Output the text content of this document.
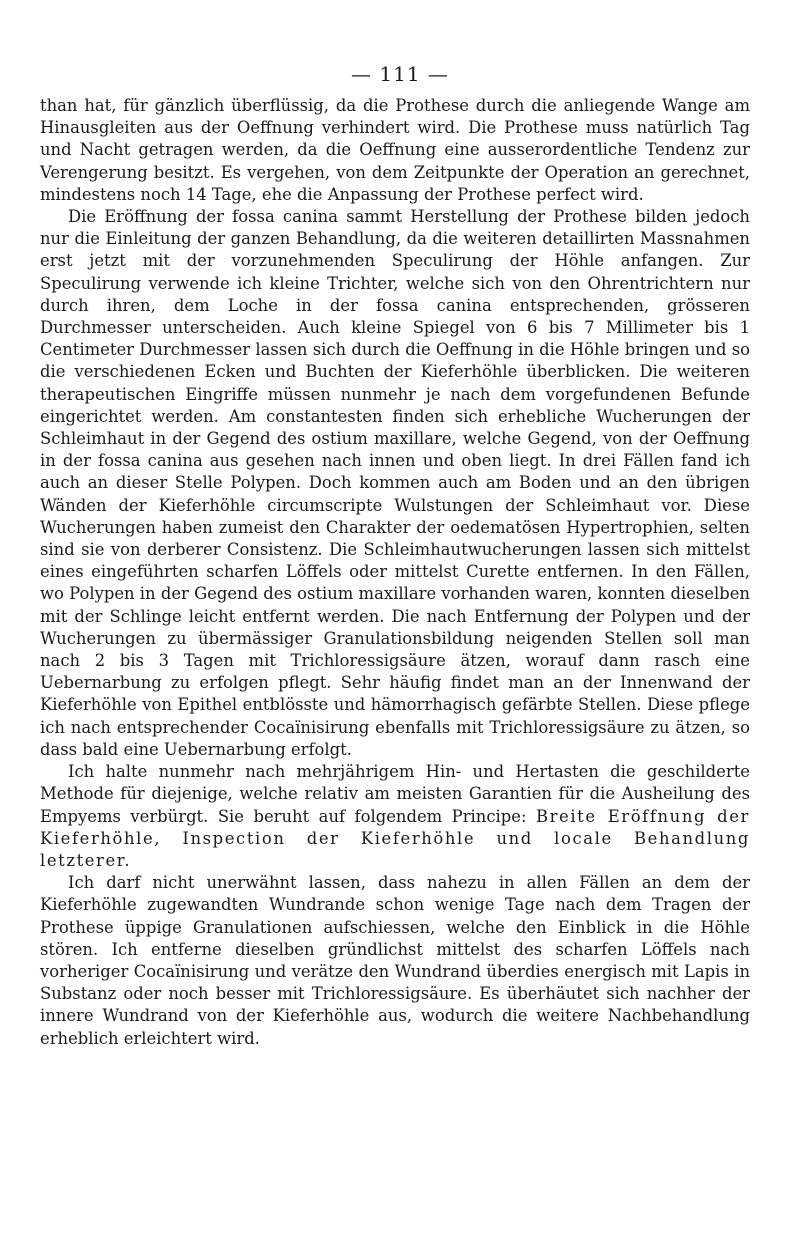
— 111 —

than hat, für gänzlich überflüssig, da die Prothese durch die anliegende Wange am Hinausgleiten aus der Oeffnung verhindert wird. Die Prothese muss natürlich Tag und Nacht getragen werden, da die Oeffnung eine ausserordentliche Tendenz zur Verengerung besitzt. Es vergehen, von dem Zeitpunkte der Operation an gerechnet, mindestens noch 14 Tage, ehe die Anpassung der Prothese perfect wird.

Die Eröffnung der fossa canina sammt Herstellung der Prothese bilden jedoch nur die Einleitung der ganzen Behandlung, da die weiteren detaillirten Massnahmen erst jetzt mit der vorzunehmenden Speculirung der Höhle anfangen. Zur Speculirung verwende ich kleine Trichter, welche sich von den Ohrentrichtern nur durch ihren, dem Loche in der fossa canina entsprechenden, grösseren Durchmesser unterscheiden. Auch kleine Spiegel von 6 bis 7 Millimeter bis 1 Centimeter Durchmesser lassen sich durch die Oeffnung in die Höhle bringen und so die verschiedenen Ecken und Buchten der Kieferhöhle überblicken. Die weiteren therapeutischen Eingriffe müssen nunmehr je nach dem vorgefundenen Befunde eingerichtet werden. Am constantesten finden sich erhebliche Wucherungen der Schleimhaut in der Gegend des ostium maxillare, welche Gegend, von der Oeffnung in der fossa canina aus gesehen nach innen und oben liegt. In drei Fällen fand ich auch an dieser Stelle Polypen. Doch kommen auch am Boden und an den übrigen Wänden der Kieferhöhle circumscripte Wulstungen der Schleimhaut vor. Diese Wucherungen haben zumeist den Charakter der oedematösen Hypertrophien, selten sind sie von derberer Consistenz. Die Schleimhautwucherungen lassen sich mittelst eines eingeführten scharfen Löffels oder mittelst Curette entfernen. In den Fällen, wo Polypen in der Gegend des ostium maxillare vorhanden waren, konnten dieselben mit der Schlinge leicht entfernt werden. Die nach Entfernung der Polypen und der Wucherungen zu übermässiger Granulationsbildung neigenden Stellen soll man nach 2 bis 3 Tagen mit Trichloressigsäure ätzen, worauf dann rasch eine Uebernarbung zu erfolgen pflegt. Sehr häufig findet man an der Innenwand der Kieferhöhle von Epithel entblösste und hämorrhagisch gefärbte Stellen. Diese pflege ich nach entsprechender Cocaïnisirung ebenfalls mit Trichloressigsäure zu ätzen, so dass bald eine Uebernarbung erfolgt.

Ich halte nunmehr nach mehrjährigem Hin- und Hertasten die geschilderte Methode für diejenige, welche relativ am meisten Garantien für die Ausheilung des Empyems verbürgt. Sie beruht auf folgendem Principe: Breite Eröffnung der Kieferhöhle, Inspection der Kieferhöhle und locale Behandlung letzterer.

Ich darf nicht unerwähnt lassen, dass nahezu in allen Fällen an dem der Kieferhöhle zugewandten Wundrande schon wenige Tage nach dem Tragen der Prothese üppige Granulationen aufschiessen, welche den Einblick in die Höhle stören. Ich entferne dieselben gründlichst mittelst des scharfen Löffels nach vorheriger Cocaïnisirung und verätze den Wundrand überdies energisch mit Lapis in Substanz oder noch besser mit Trichloressigsäure. Es überhäutet sich nachher der innere Wundrand von der Kieferhöhle aus, wodurch die weitere Nachbehandlung erheblich erleichtert wird.
